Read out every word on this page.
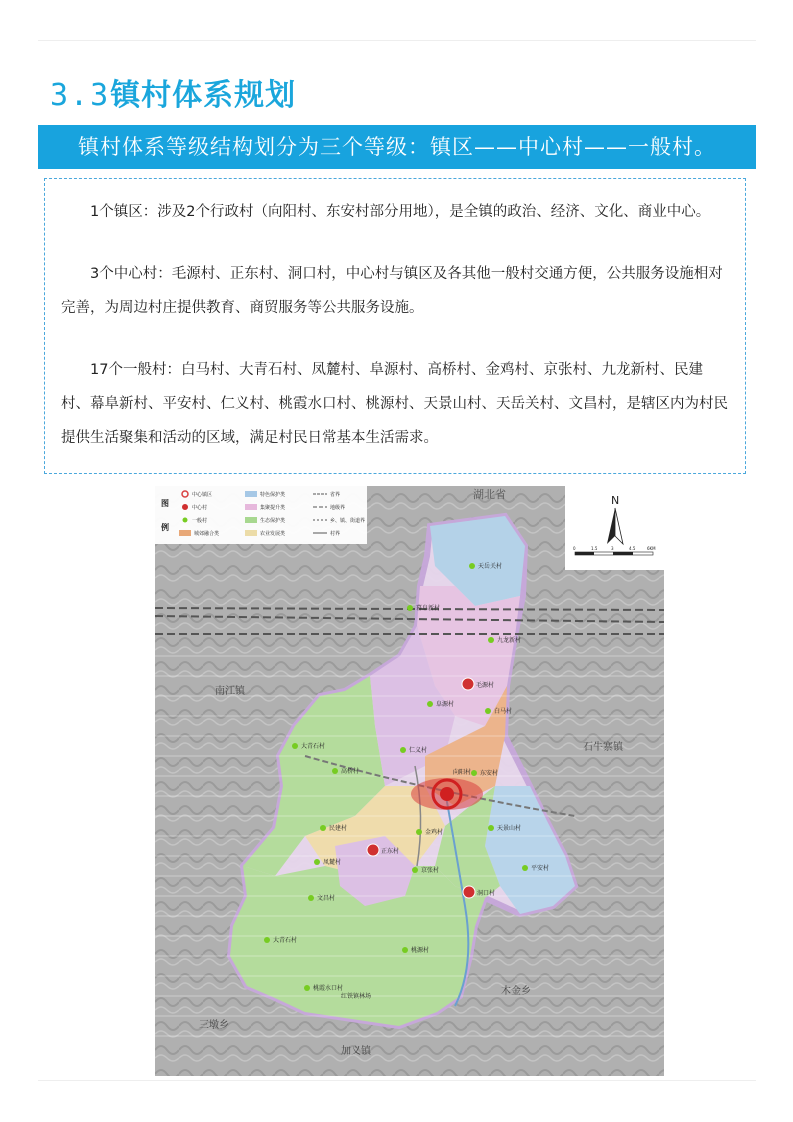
3.3镇村体系规划
镇村体系等级结构划分为三个等级：镇区——中心村——一般村。

1个镇区：涉及2个行政村（向阳村、东安村部分用地），是全镇的政治、经济、文化、商业中心。

3个中心村：毛源村、正东村、洞口村，中心村与镇区及各其他一般村交通方便，公共服务设施相对完善，为周边村庄提供教育、商贸服务等公共服务设施。

17个一般村：白马村、大青石村、凤麓村、阜源村、高桥村、金鸡村、京张村、九龙新村、民建村、幕阜新村、平安村、仁义村、桃霞水口村、桃源村、天景山村、天岳关村、文昌村，是辖区内为村民提供生活聚集和活动的区域，满足村民日常基本生活需求。

湖北省
南江镇
石牛寨镇
三墩乡
加义镇
木金乡
向阳村
毛源村
正东村
洞口村
天岳关村
幕阜新村
九龙新村
阜源村
白马村
大青石村
高桥村
仁义村
东安村
金鸡村
天景山村
民建村
凤麓村
京张村	平安村
文昌村
大青石村
桃源村
桃霞水口村
红铁镇林场
图
例
中心镇区	特色保护类	省界
中心村	集聚提升类	地级界
一般村	生态保护类	乡、镇、街道界
城郊融合类	农业发展类	村界
N
0	1.5	3	4.5	6KM
